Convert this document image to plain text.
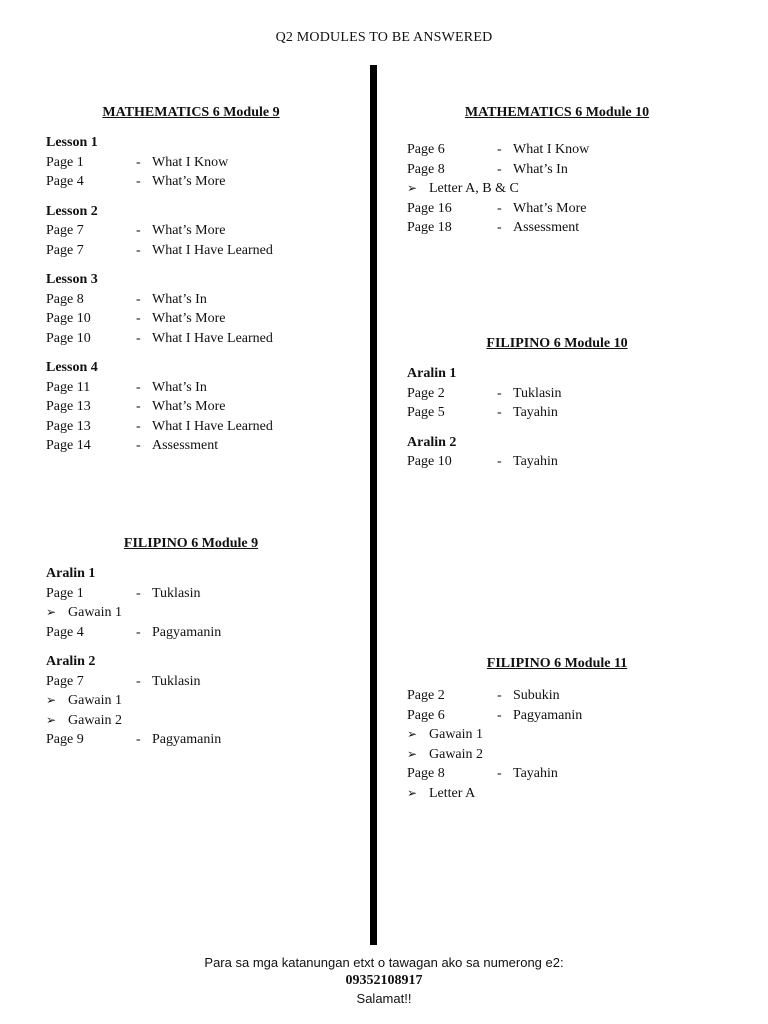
Q2 MODULES TO BE ANSWERED
MATHEMATICS 6 Module 9
Lesson 1
Page 1	- What I Know
Page 4	- What’s More
Lesson 2
Page 7	- What’s More
Page 7	- What I Have Learned
Lesson 3
Page 8	- What’s In
Page 10	- What’s More
Page 10	- What I Have Learned
Lesson 4
Page 11	- What’s In
Page 13	- What’s More
Page 13	- What I Have Learned
Page 14	- Assessment
FILIPINO 6 Module 9
Aralin 1
Page 1	- Tuklasin
➢ Gawain 1
Page 4	- Pagyamanin
Aralin 2
Page 7	- Tuklasin
➢ Gawain 1
➢ Gawain 2
Page 9	- Pagyamanin
MATHEMATICS 6 Module 10
Page 6	- What I Know
Page 8	- What’s In
➢ Letter A, B & C
Page 16	- What’s More
Page 18	- Assessment
FILIPINO 6 Module 10
Aralin 1
Page 2	- Tuklasin
Page 5	- Tayahin
Aralin 2
Page 10	- Tayahin
FILIPINO 6 Module 11
Page 2	- Subukin
Page 6	- Pagyamanin
➢ Gawain 1
➢ Gawain 2
Page 8	- Tayahin
➢ Letter A
Para sa mga katanungan etxt o tawagan ako sa numerong e2:
09352108917
Salamat!!
